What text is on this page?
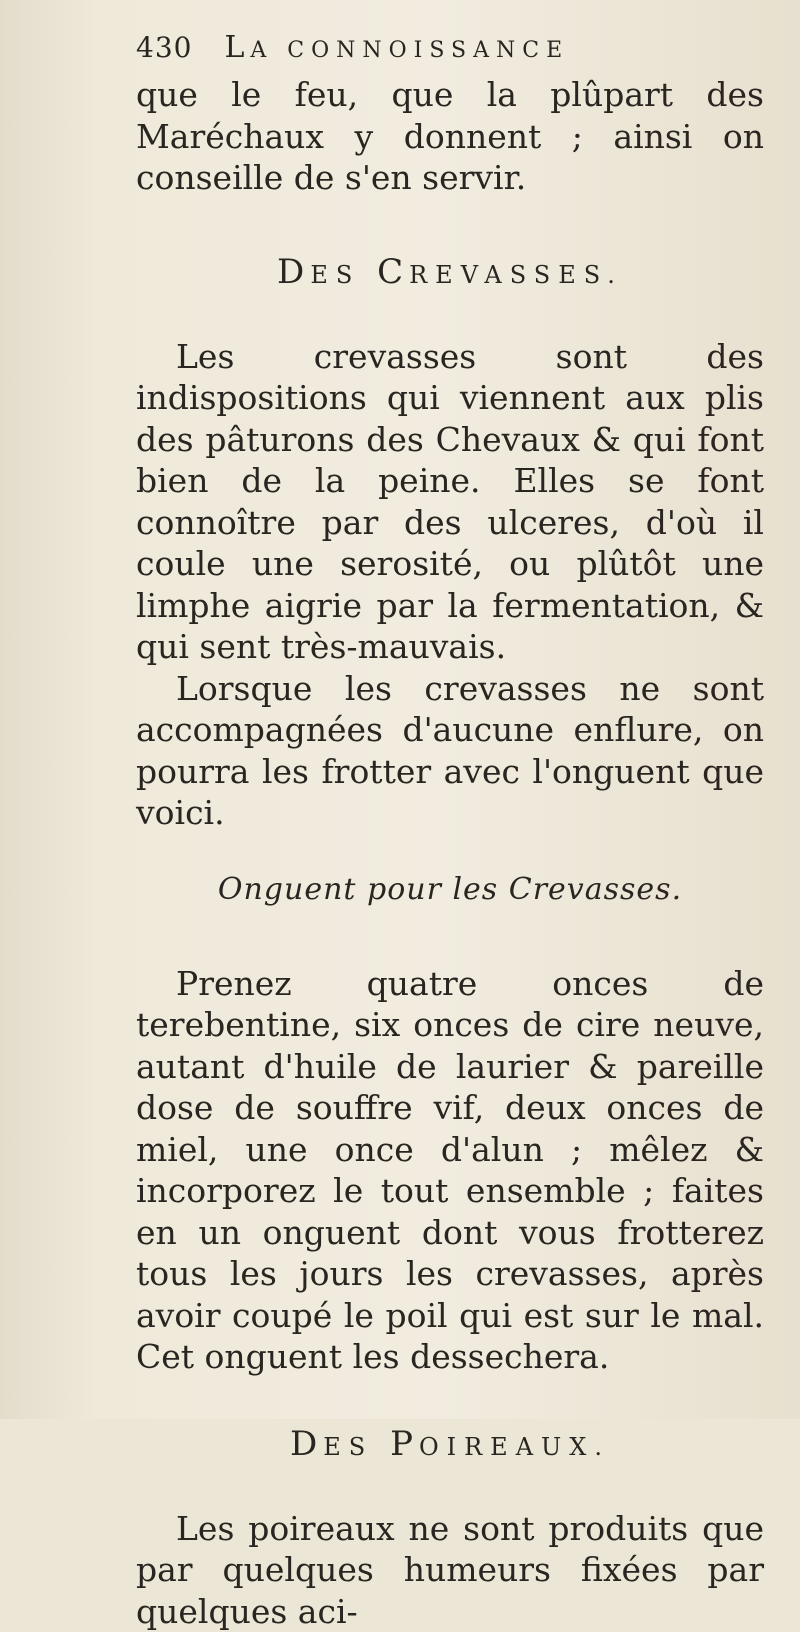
430 LA CONNOISSANCE

que le feu, que la plûpart des Maréchaux y donnent ; ainsi on conseille de s'en servir.

DES CREVASSES.

Les crevasses sont des indispositions qui viennent aux plis des pâturons des Chevaux & qui font bien de la peine. Elles se font connoître par des ulceres, d'où il coule une serosité, ou plûtôt une limphe aigrie par la fermentation, & qui sent très-mauvais.

Lorsque les crevasses ne sont accompagnées d'aucune enflure, on pourra les frotter avec l'onguent que voici.

Onguent pour les Crevasses.

Prenez quatre onces de terebentine, six onces de cire neuve, autant d'huile de laurier & pareille dose de souffre vif, deux onces de miel, une once d'alun ; mêlez & incorporez le tout ensemble ; faites en un onguent dont vous frotterez tous les jours les crevasses, après avoir coupé le poil qui est sur le mal. Cet onguent les dessechera.

DES POIREAUX.

Les poireaux ne sont produits que par quelques humeurs fixées par quelques aci-
